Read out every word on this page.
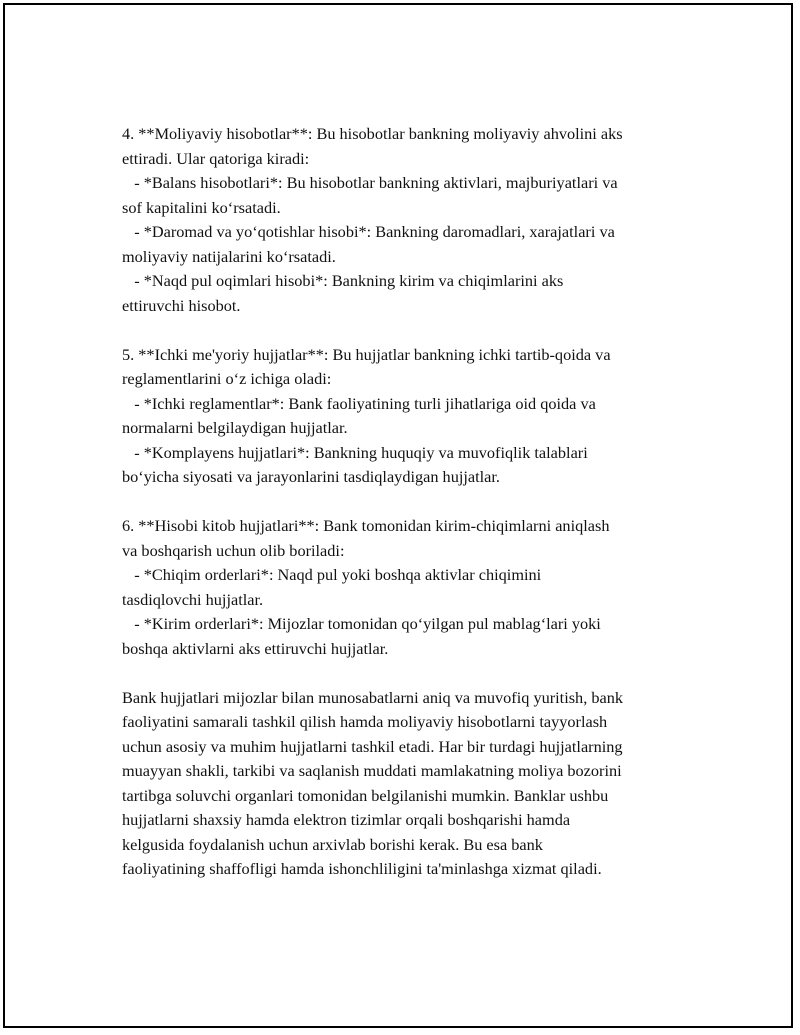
4. **Moliyaviy hisobotlar**: Bu hisobotlar bankning moliyaviy ahvolini aks
ettiradi. Ular qatoriga kiradi:
- *Balans hisobotlari*: Bu hisobotlar bankning aktivlari, majburiyatlari va
sof kapitalini ko‘rsatadi.
- *Daromad va yo‘qotishlar hisobi*: Bankning daromadlari, xarajatlari va
moliyaviy natijalarini ko‘rsatadi.
- *Naqd pul oqimlari hisobi*: Bankning kirim va chiqimlarini aks
ettiruvchi hisobot.
5. **Ichki me'yoriy hujjatlar**: Bu hujjatlar bankning ichki tartib-qoida va
reglamentlarini o‘z ichiga oladi:
- *Ichki reglamentlar*: Bank faoliyatining turli jihatlariga oid qoida va
normalarni belgilaydigan hujjatlar.
- *Komplayens hujjatlari*: Bankning huquqiy va muvofiqlik talablari
bo‘yicha siyosati va jarayonlarini tasdiqlaydigan hujjatlar.
6. **Hisobi kitob hujjatlari**: Bank tomonidan kirim-chiqimlarni aniqlash
va boshqarish uchun olib boriladi:
- *Chiqim orderlari*: Naqd pul yoki boshqa aktivlar chiqimini
tasdiqlovchi hujjatlar.
- *Kirim orderlari*: Mijozlar tomonidan qo‘yilgan pul mablag‘lari yoki
boshqa aktivlarni aks ettiruvchi hujjatlar.
Bank hujjatlari mijozlar bilan munosabatlarni aniq va muvofiq yuritish, bank
faoliyatini samarali tashkil qilish hamda moliyaviy hisobotlarni tayyorlash
uchun asosiy va muhim hujjatlarni tashkil etadi. Har bir turdagi hujjatlarning
muayyan shakli, tarkibi va saqlanish muddati mamlakatning moliya bozorini
tartibga soluvchi organlari tomonidan belgilanishi mumkin. Banklar ushbu
hujjatlarni shaxsiy hamda elektron tizimlar orqali boshqarishi hamda
kelgusida foydalanish uchun arxivlab borishi kerak. Bu esa bank
faoliyatining shaffofligi hamda ishonchliligini ta'minlashga xizmat qiladi.
